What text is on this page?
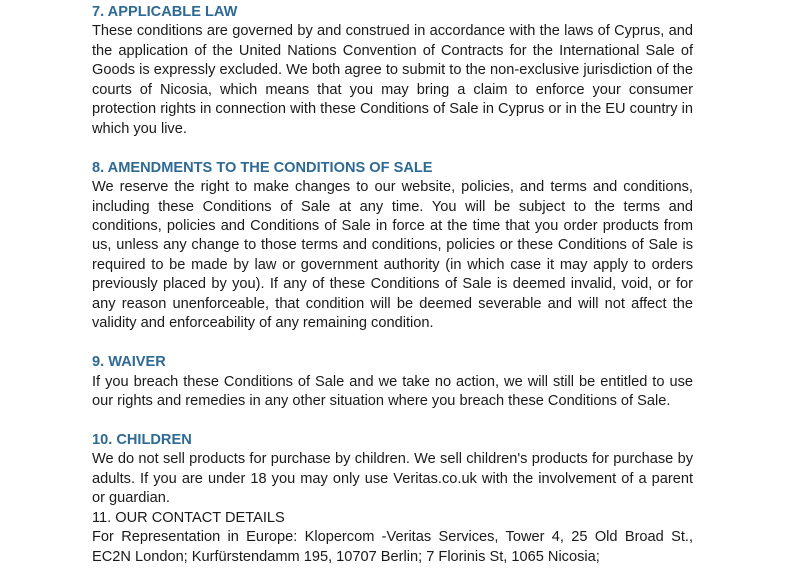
7. APPLICABLE LAW

These conditions are governed by and construed in accordance with the laws of Cyprus, and the application of the United Nations Convention of Contracts for the International Sale of Goods is expressly excluded. We both agree to submit to the non-exclusive jurisdiction of the courts of Nicosia, which means that you may bring a claim to enforce your consumer protection rights in connection with these Conditions of Sale in Cyprus or in the EU country in which you live.

8. AMENDMENTS TO THE CONDITIONS OF SALE

We reserve the right to make changes to our website, policies, and terms and conditions, including these Conditions of Sale at any time. You will be subject to the terms and conditions, policies and Conditions of Sale in force at the time that you order products from us, unless any change to those terms and conditions, policies or these Conditions of Sale is required to be made by law or government authority (in which case it may apply to orders previously placed by you). If any of these Conditions of Sale is deemed invalid, void, or for any reason unenforceable, that condition will be deemed severable and will not affect the validity and enforceability of any remaining condition.

9. WAIVER

If you breach these Conditions of Sale and we take no action, we will still be entitled to use our rights and remedies in any other situation where you breach these Conditions of Sale.

10. CHILDREN

We do not sell products for purchase by children. We sell children's products for purchase by adults. If you are under 18 you may only use Veritas.co.uk with the involvement of a parent or guardian.

11. OUR CONTACT DETAILS

For Representation in Europe: Klopercom -Veritas Services, Tower 4, 25 Old Broad St., EC2N London; Kurfürstendamm 195, 10707 Berlin; 7 Florinis St, 1065 Nicosia;
